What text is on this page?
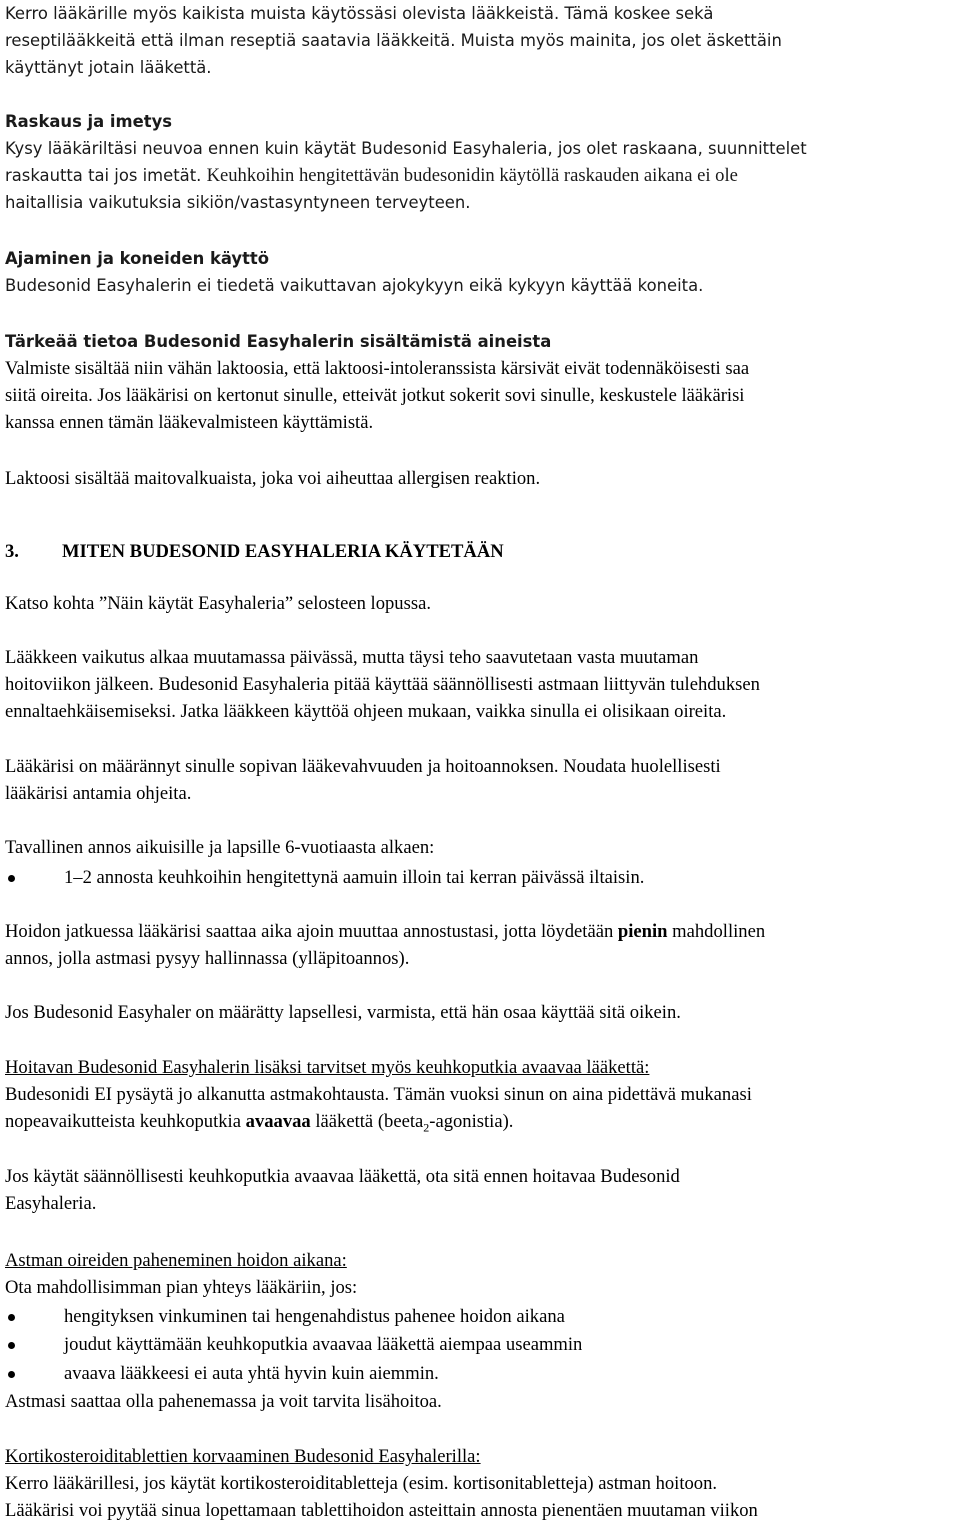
Kerro lääkärille myös kaikista muista käytössäsi olevista lääkkeistä. Tämä koskee sekä
reseptilääkkeitä että ilman reseptiä saatavia lääkkeitä. Muista myös mainita, jos olet äskettäin
käyttänyt jotain lääkettä.

Raskaus ja imetys
Kysy lääkäriltäsi neuvoa ennen kuin käytät Budesonid Easyhaleria, jos olet raskaana, suunnittelet
raskautta tai jos imetät. Keuhkoihin hengitettävän budesonidin käytöllä raskauden aikana ei ole
haitallisia vaikutuksia sikiön/vastasyntyneen terveyteen.

Ajaminen ja koneiden käyttö
Budesonid Easyhalerin ei tiedetä vaikuttavan ajokykyyn eikä kykyyn käyttää koneita.

Tärkeää tietoa Budesonid Easyhalerin sisältämistä aineista

Valmiste sisältää niin vähän laktoosia, että laktoosi-intoleranssista kärsivät eivät todennäköisesti saa
siitä oireita. Jos lääkärisi on kertonut sinulle, etteivät jotkut sokerit sovi sinulle, keskustele lääkärisi
kanssa ennen tämän lääkevalmisteen käyttämistä.

Laktoosi sisältää maitovalkuaista, joka voi aiheuttaa allergisen reaktion.

3. MITEN BUDESONID EASYHALERIA KÄYTETÄÄN

Katso kohta ”Näin käytät Easyhaleria” selosteen lopussa.

Lääkkeen vaikutus alkaa muutamassa päivässä, mutta täysi teho saavutetaan vasta muutaman
hoitoviikon jälkeen. Budesonid Easyhaleria pitää käyttää säännöllisesti astmaan liittyvän tulehduksen
ennaltaehkäisemiseksi. Jatka lääkkeen käyttöä ohjeen mukaan, vaikka sinulla ei olisikaan oireita.

Lääkärisi on määrännyt sinulle sopivan lääkevahvuuden ja hoitoannoksen. Noudata huolellisesti
lääkärisi antamia ohjeita.

Tavallinen annos aikuisille ja lapsille 6-vuotiaasta alkaen:

1–2 annosta keuhkoihin hengitettynä aamuin illoin tai kerran päivässä iltaisin.

Hoidon jatkuessa lääkärisi saattaa aika ajoin muuttaa annostustasi, jotta löydetään pienin mahdollinen
annos, jolla astmasi pysyy hallinnassa (ylläpitoannos).

Jos Budesonid Easyhaler on määrätty lapsellesi, varmista, että hän osaa käyttää sitä oikein.

Hoitavan Budesonid Easyhalerin lisäksi tarvitset myös keuhkoputkia avaavaa lääkettä:
Budesonidi EI pysäytä jo alkanutta astmakohtausta. Tämän vuoksi sinun on aina pidettävä mukanasi
nopeavaikutteista keuhkoputkia avaavaa lääkettä (beeta$_2$-agonistia).

Jos käytät säännöllisesti keuhkoputkia avaavaa lääkettä, ota sitä ennen hoitavaa Budesonid
Easyhaleria.

Astman oireiden paheneminen hoidon aikana:
Ota mahdollisimman pian yhteys lääkäriin, jos:

hengityksen vinkuminen tai hengenahdistus pahenee hoidon aikana
joudut käyttämään keuhkoputkia avaavaa lääkettä aiempaa useammin
avaava lääkkeesi ei auta yhtä hyvin kuin aiemmin.

Astmasi saattaa olla pahenemassa ja voit tarvita lisähoitoa.

Kortikosteroiditablettien korvaaminen Budesonid Easyhalerilla:
Kerro lääkärillesi, jos käytät kortikosteroiditabletteja (esim. kortisonitabletteja) astman hoitoon.
Lääkärisi voi pyytää sinua lopettamaan tablettihoidon asteittain annosta pienentäen muutaman viikon
